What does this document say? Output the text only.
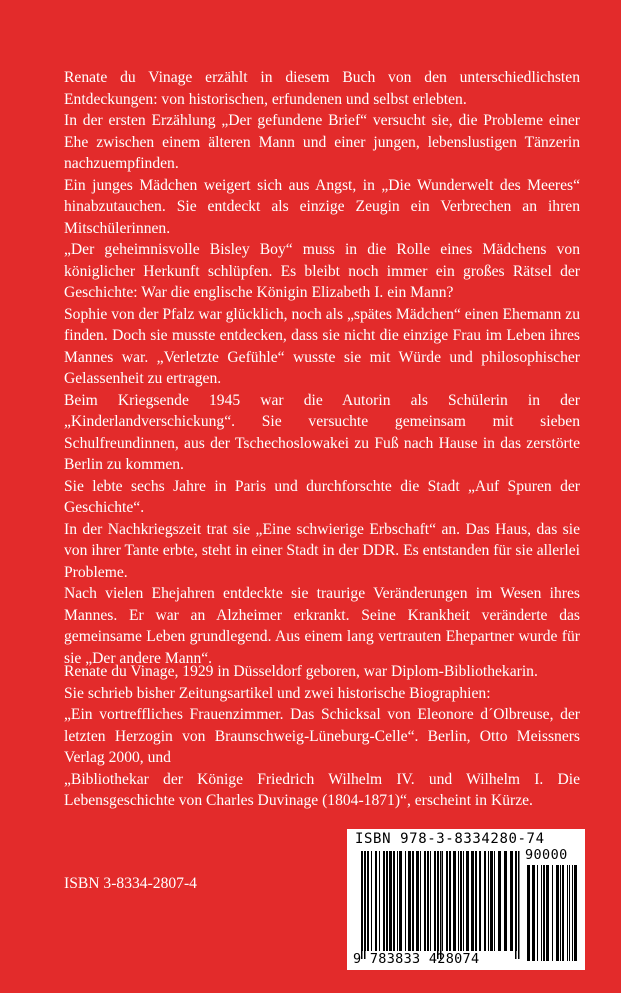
Renate du Vinage erzählt in diesem Buch von den unterschiedlichsten Entdeckungen: von historischen, erfundenen und selbst erlebten.

In der ersten Erzählung „Der gefundene Brief“ versucht sie, die Probleme einer Ehe zwischen einem älteren Mann und einer jungen, lebenslustigen Tänzerin nachzuempfinden.

Ein junges Mädchen weigert sich aus Angst, in „Die Wunderwelt des Meeres“ hinabzutauchen. Sie entdeckt als einzige Zeugin ein Verbrechen an ihren Mitschülerinnen.

„Der geheimnisvolle Bisley Boy“ muss in die Rolle eines Mädchens von königlicher Herkunft schlüpfen. Es bleibt noch immer ein großes Rätsel der Geschichte: War die englische Königin Elizabeth I. ein Mann?

Sophie von der Pfalz war glücklich, noch als „spätes Mädchen“ einen Ehemann zu finden. Doch sie musste entdecken, dass sie nicht die einzige Frau im Leben ihres Mannes war. „Verletzte Gefühle“ wusste sie mit Würde und philosophischer Gelassenheit zu ertragen.

Beim Kriegsende 1945 war die Autorin als Schülerin in der „Kinderlandverschickung“. Sie versuchte gemeinsam mit sieben Schulfreundinnen, aus der Tschechoslowakei zu Fuß nach Hause in das zerstörte Berlin zu kommen.

Sie lebte sechs Jahre in Paris und durchforschte die Stadt „Auf Spuren der Geschichte“.

In der Nachkriegszeit trat sie „Eine schwierige Erbschaft“ an. Das Haus, das sie von ihrer Tante erbte, steht in einer Stadt in der DDR. Es entstanden für sie allerlei Probleme.

Nach vielen Ehejahren entdeckte sie traurige Veränderungen im Wesen ihres Mannes. Er war an Alzheimer erkrankt. Seine Krankheit veränderte das gemeinsame Leben grundlegend. Aus einem lang vertrauten Ehepartner wurde für sie „Der andere Mann“.

Renate du Vinage, 1929 in Düsseldorf geboren, war Diplom-Bibliothekarin.

Sie schrieb bisher Zeitungsartikel und zwei historische Biographien:

„Ein vortreffliches Frauenzimmer. Das Schicksal von Eleonore d´Olbreuse, der letzten Herzogin von Braunschweig-Lüneburg-Celle“. Berlin, Otto Meissners Verlag 2000, und

„Bibliothekar der Könige Friedrich Wilhelm IV. und Wilhelm I. Die Lebensgeschichte von Charles Duvinage (1804-1871)“, erscheint in Kürze.

ISBN 3-8334-2807-4
ISBN 978-3-8334280-74
90000
9 783833 428074
